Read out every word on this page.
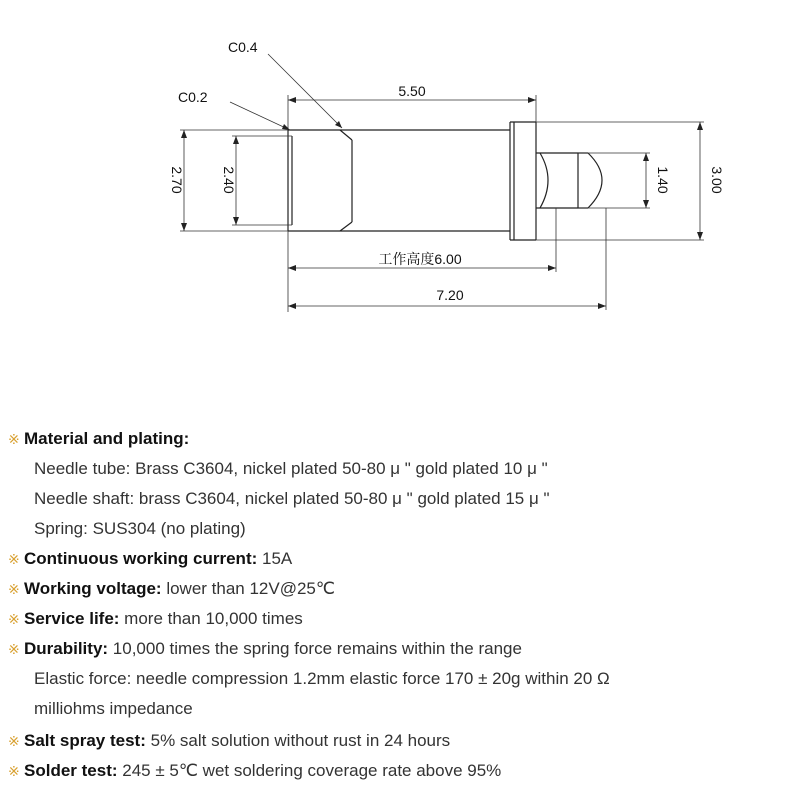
C0.4
C0.2	5.50
工作高度6.00
7.20
2.70	2.40	3.00
1.40
※ Material and plating:
Needle tube: Brass C3604, nickel plated 50-80 μ " gold plated 10 μ "
Needle shaft: brass C3604, nickel plated 50-80 μ " gold plated 15 μ "
Spring: SUS304 (no plating)
※ Continuous working current: 15A
※ Working voltage: lower than 12V@25℃
※ Service life: more than 10,000 times
※ Durability: 10,000 times the spring force remains within the range
Elastic force: needle compression 1.2mm elastic force 170 ± 20g within 20 Ω
milliohms impedance
※ Salt spray test: 5% salt solution without rust in 24 hours
※ Solder test: 245 ± 5℃ wet soldering coverage rate above 95%
